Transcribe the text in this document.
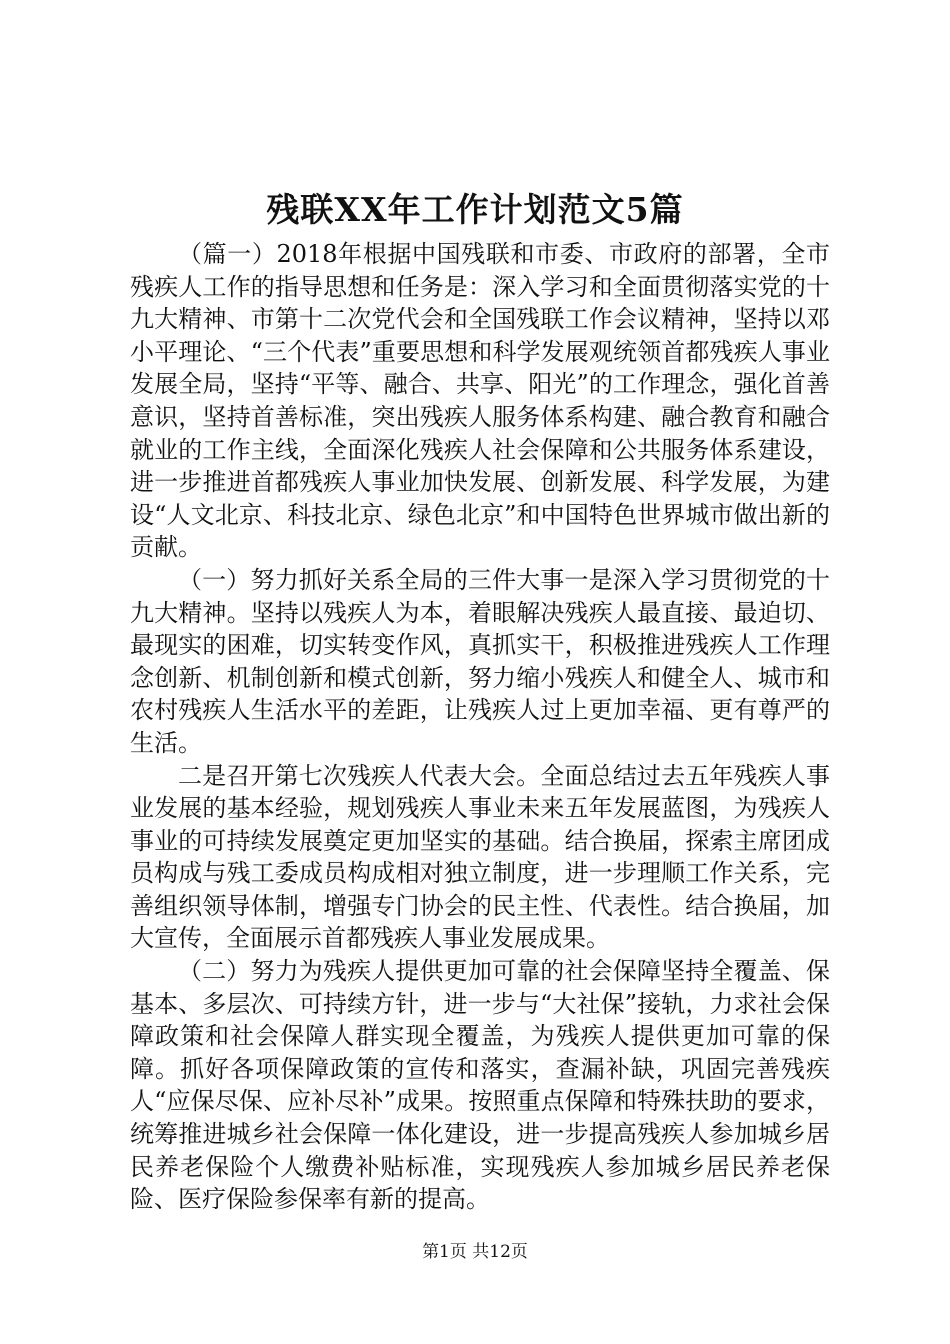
残联XX年工作计划范文5篇

（篇一）2018年根据中国残联和市委、市政府的部署，全市残疾人工作的指导思想和任务是：深入学习和全面贯彻落实党的十九大精神、市第十二次党代会和全国残联工作会议精神，坚持以邓小平理论、“三个代表”重要思想和科学发展观统领首都残疾人事业发展全局，坚持“平等、融合、共享、阳光”的工作理念，强化首善意识，坚持首善标准，突出残疾人服务体系构建、融合教育和融合就业的工作主线，全面深化残疾人社会保障和公共服务体系建设，进一步推进首都残疾人事业加快发展、创新发展、科学发展，为建设“人文北京、科技北京、绿色北京”和中国特色世界城市做出新的贡献。

（一）努力抓好关系全局的三件大事一是深入学习贯彻党的十九大精神。坚持以残疾人为本，着眼解决残疾人最直接、最迫切、最现实的困难，切实转变作风，真抓实干，积极推进残疾人工作理念创新、机制创新和模式创新，努力缩小残疾人和健全人、城市和农村残疾人生活水平的差距，让残疾人过上更加幸福、更有尊严的生活。

二是召开第七次残疾人代表大会。全面总结过去五年残疾人事业发展的基本经验，规划残疾人事业未来五年发展蓝图，为残疾人事业的可持续发展奠定更加坚实的基础。结合换届，探索主席团成员构成与残工委成员构成相对独立制度，进一步理顺工作关系，完善组织领导体制，增强专门协会的民主性、代表性。结合换届，加大宣传，全面展示首都残疾人事业发展成果。

（二）努力为残疾人提供更加可靠的社会保障坚持全覆盖、保基本、多层次、可持续方针，进一步与“大社保”接轨，力求社会保障政策和社会保障人群实现全覆盖，为残疾人提供更加可靠的保障。抓好各项保障政策的宣传和落实，查漏补缺，巩固完善残疾人“应保尽保、应补尽补”成果。按照重点保障和特殊扶助的要求，统筹推进城乡社会保障一体化建设，进一步提高残疾人参加城乡居民养老保险个人缴费补贴标准，实现残疾人参加城乡居民养老保险、医疗保险参保率有新的提高。

第1页 共12页
